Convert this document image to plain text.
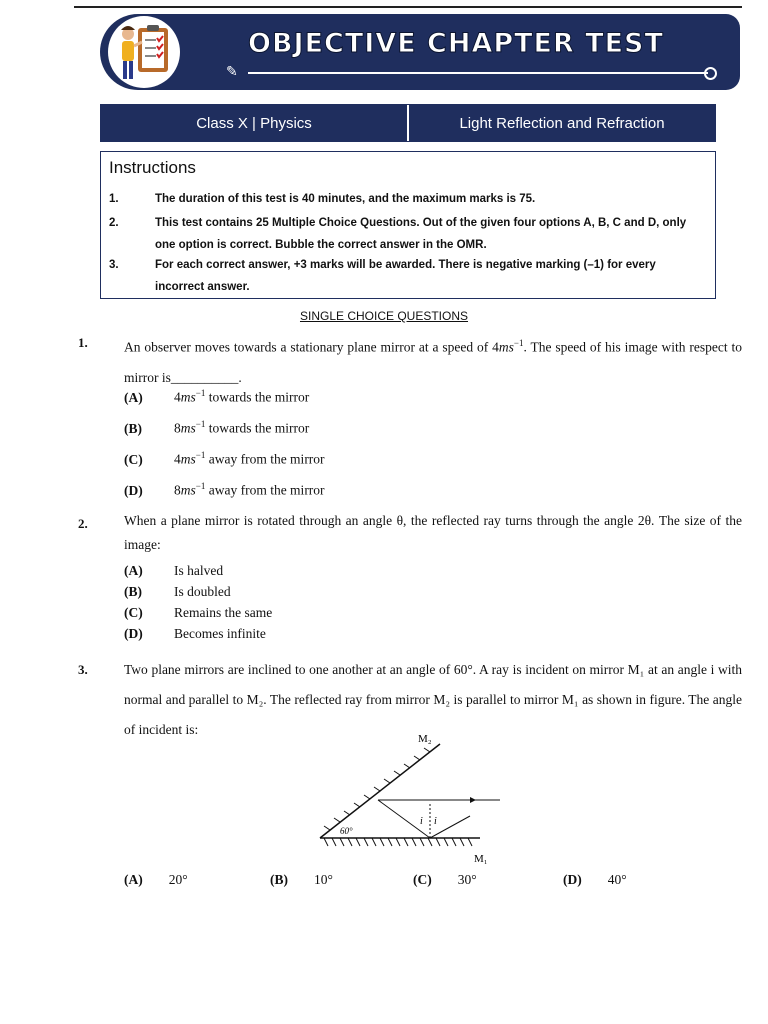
OBJECTIVE CHAPTER TEST
✎
Class X | Physics	Light Reflection and Refraction
Instructions
1.	The duration of this test is 40 minutes, and the maximum marks is 75.
2.	This test contains 25 Multiple Choice Questions. Out of the given four options A, B, C and D, only one option is correct. Bubble the correct answer in the OMR.
3.	For each correct answer, +3 marks will be awarded. There is negative marking (–1) for every incorrect answer.
SINGLE CHOICE QUESTIONS
1.	An observer moves towards a stationary plane mirror at a speed of $4ms^{-1}$. The speed of his image with respect to mirror is__________.
(A) $4ms^{-1}$ towards the mirror
(B) $8ms^{-1}$ towards the mirror
(C) $4ms^{-1}$ away from the mirror
(D) $8ms^{-1}$ away from the mirror
2.	When a plane mirror is rotated through an angle θ, the reflected ray turns through the angle 2θ. The size of the image:
(A) Is halved
(B) Is doubled
(C) Remains the same
(D) Becomes infinite
3.	Two plane mirrors are inclined to one another at an angle of 60°. A ray is incident on mirror M₁ at an angle i with normal and parallel to M₂. The reflected ray from mirror M₂ is parallel to mirror M₁ as shown in figure. The angle of incident is:
M₂
M₁
60°
i i
(A) 20°	(B) 10°	(C) 30°	(D) 40°
